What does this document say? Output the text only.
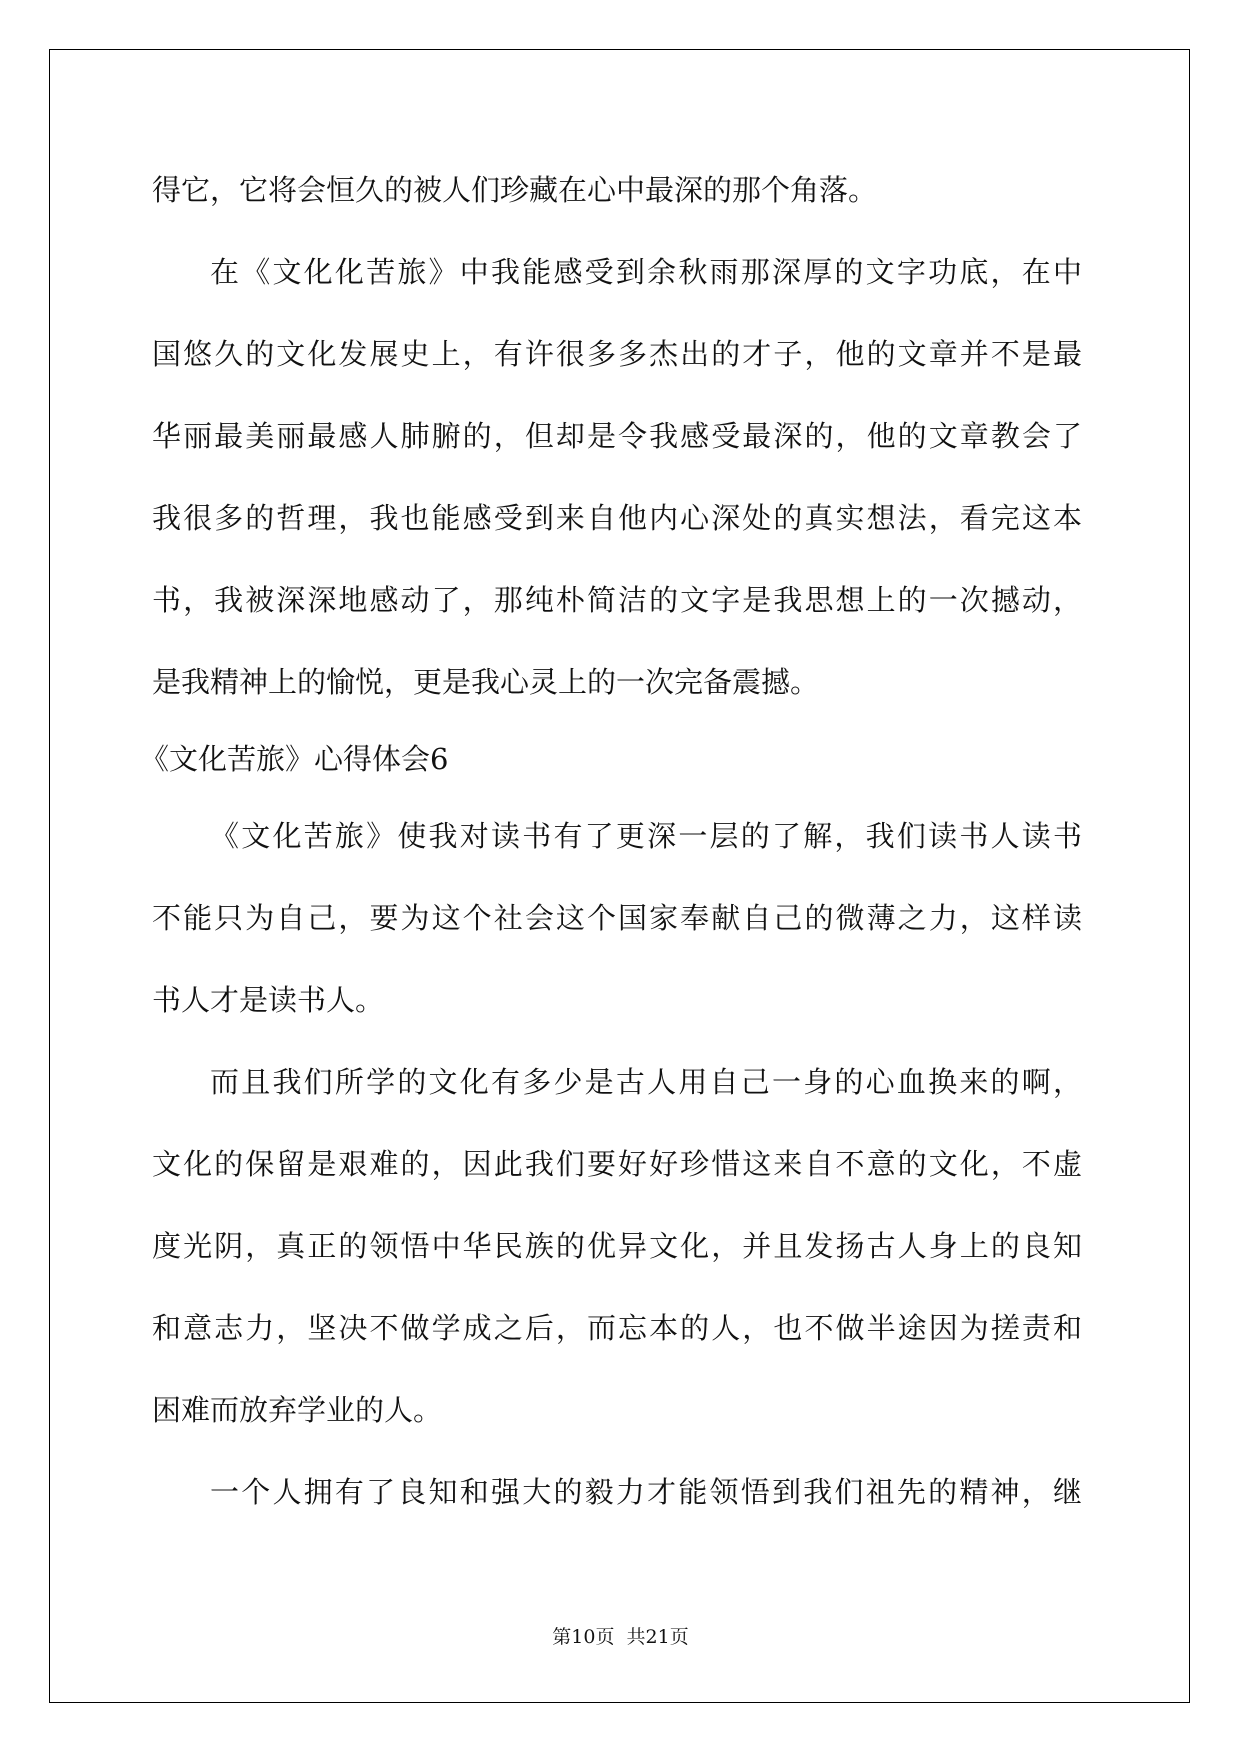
得它，它将会恒久的被人们珍藏在心中最深的那个角落。
在《文化化苦旅》中我能感受到余秋雨那深厚的文字功底，在中
国悠久的文化发展史上，有许很多多杰出的才子，他的文章并不是最
华丽最美丽最感人肺腑的，但却是令我感受最深的，他的文章教会了
我很多的哲理，我也能感受到来自他内心深处的真实想法，看完这本
书，我被深深地感动了，那纯朴简洁的文字是我思想上的一次撼动，
是我精神上的愉悦，更是我心灵上的一次完备震撼。
《文化苦旅》心得体会6
《文化苦旅》使我对读书有了更深一层的了解，我们读书人读书
不能只为自己，要为这个社会这个国家奉献自己的微薄之力，这样读
书人才是读书人。
而且我们所学的文化有多少是古人用自己一身的心血换来的啊，
文化的保留是艰难的，因此我们要好好珍惜这来自不意的文化，不虚
度光阴，真正的领悟中华民族的优异文化，并且发扬古人身上的良知
和意志力，坚决不做学成之后，而忘本的人，也不做半途因为搓责和
困难而放弃学业的人。
一个人拥有了良知和强大的毅力才能领悟到我们祖先的精神，继
第10页  共21页
